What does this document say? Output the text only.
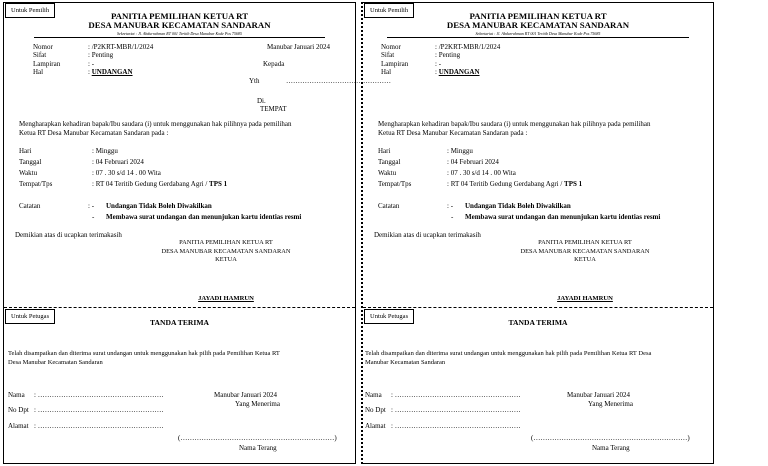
Untuk Pemilih
PANITIA PEMILIHAN KETUA RT
DESA MANUBAR KECAMATAN SANDARAN
Sekretariat : Jl. Abdurrahman RT 001 Teritib Desa Manubar Kode Pos 75685
Nomor	: /P2KRT-MBR/1/2024	Manubar Januari 2024
Sifat	: Penting
Lampiran	: -	Kepada
Hal	: UNDANGAN
Yth	………………………………………
Di.
TEMPAT
Mengharapkan kehadiran bapak/Ibu saudara (i) untuk menggunakan hak pilihnya pada pemilihan
Ketua RT Desa Manubar Kecamatan Sandaran pada :
Hari	: Minggu
Tanggal	: 04 Februari 2024
Waktu	: 07 . 30 s/d 14 . 00 Wita
Tempat/Tps	: RT 04 Teritib Gedung Gerdabang Agri / TPS 1
Catatan	: - Undangan Tidak Boleh Diwakilkan
- Membawa surat undangan dan menunjukan kartu identias resmi
Demikian atas di ucapkan terimakasih
PANITIA PEMILIHAN KETUA RT
DESA MANUBAR KECAMATAN SANDARAN
KETUA
JAYADI HAMRUN
Untuk Petugas
TANDA TERIMA
Telah disampaikan dan diterima surat undangan untuk menggunakan hak pilih pada Pemilihan Ketua RT
Desa Manubar Kecamatan Sandaran
Manubar Januari 2024
Yang Menerima
Nama : ………………………………………………
No Dpt : ………………………………………………
Alamat : ………………………………………………
(…………………………………………………………)
Nama Terang
Untuk Pemilih
PANITIA PEMILIHAN KETUA RT
DESA MANUBAR KECAMATAN SANDARAN
Sekretariat : Jl. Abdurrahman RT 001 Teritib Desa Manubar Kode Pos 75685
Nomor	: /P2KRT-MBR/1/2024
Sifat	: Penting
Lampiran	: -
Hal	: UNDANGAN
Mengharapkan kehadiran bapak/Ibu saudara (i) untuk menggunakan hak pilihnya pada pemilihan
Ketua RT Desa Manubar Kecamatan Sandaran pada :
Hari	: Minggu
Tanggal	: 04 Februari 2024
Waktu	: 07 . 30 s/d 14 . 00 Wita
Tempat/Tps	: RT 04 Teritib Gedung Gerdabang Agri / TPS 1
Catatan	: - Undangan Tidak Boleh Diwakilkan
- Membawa surat undangan dan menunjukan kartu identias resmi
Demikian atas di ucapkan terimakasih
PANITIA PEMILIHAN KETUA RT
DESA MANUBAR KECAMATAN SANDARAN
KETUA
JAYADI HAMRUN
Untuk Petugas
TANDA TERIMA
Telah disampaikan dan diterima surat undangan untuk menggunakan hak pilih pada Pemilihan Ketua RT Desa
Manubar Kecamatan Sandaran
Manubar Januari 2024
Yang Menerima
Nama : ………………………………………………
No Dpt : ………………………………………………
Alamat : ………………………………………………
(…………………………………………………………)
Nama Terang
